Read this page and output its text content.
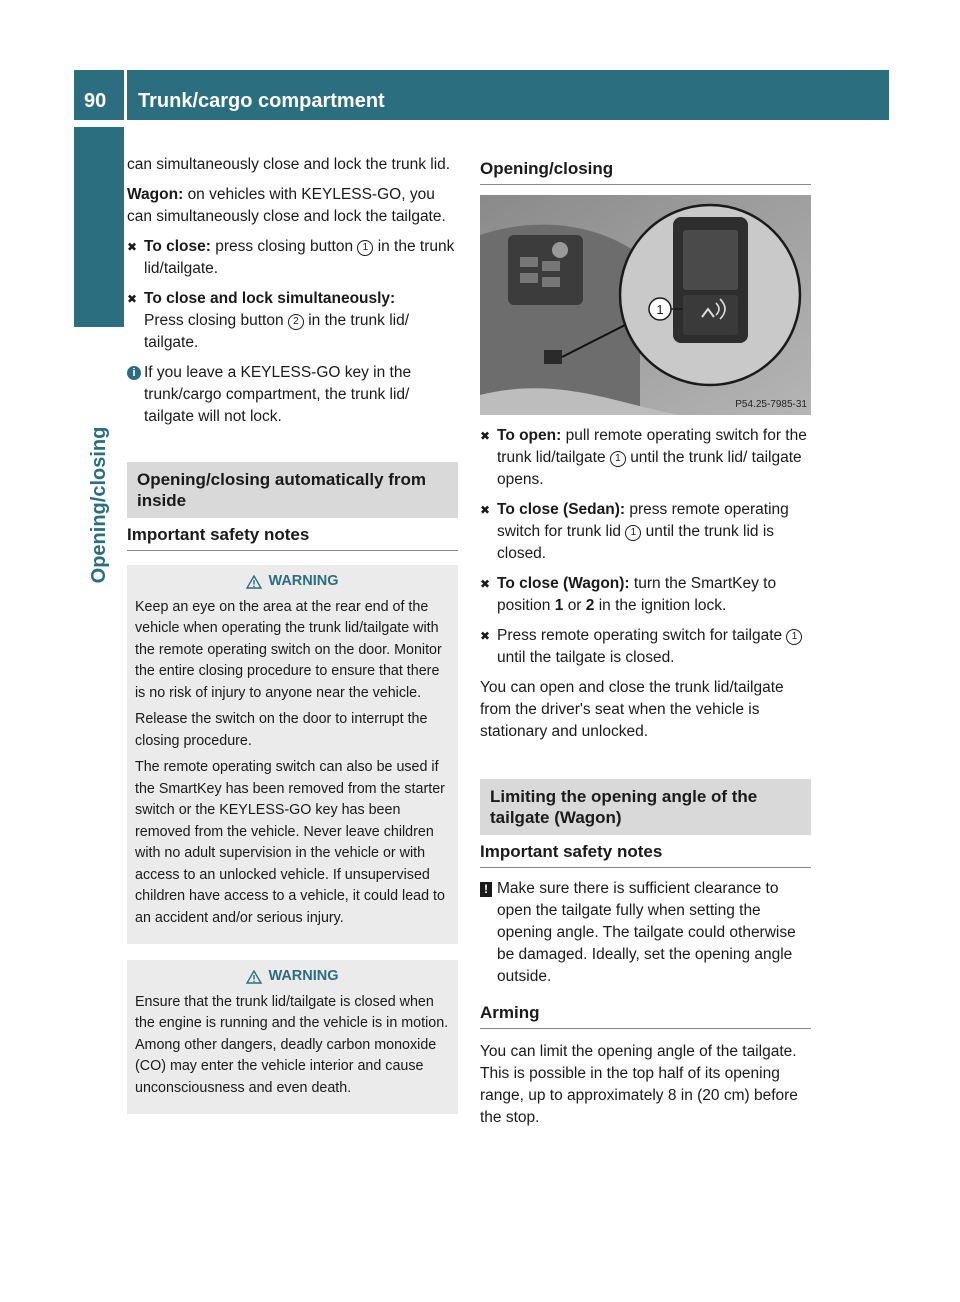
90 Trunk/cargo compartment
Opening/closing

can simultaneously close and lock the trunk lid.

Wagon: on vehicles with KEYLESS-GO, you can simultaneously close and lock the tailgate.

✖ To close: press closing button 1 in the trunk lid/tailgate.
✖ To close and lock simultaneously:
Press closing button 2 in the trunk lid/ tailgate.
i If you leave a KEYLESS-GO key in the trunk/cargo compartment, the trunk lid/ tailgate will not lock.
Opening/closing automatically from inside
Important safety notes
WARNING

Keep an eye on the area at the rear end of the vehicle when operating the trunk lid/tailgate with the remote operating switch on the door. Monitor the entire closing procedure to ensure that there is no risk of injury to anyone near the vehicle.

Release the switch on the door to interrupt the closing procedure.

The remote operating switch can also be used if the SmartKey has been removed from the starter switch or the KEYLESS-GO key has been removed from the vehicle. Never leave children with no adult supervision in the vehicle or with access to an unlocked vehicle. If unsupervised children have access to a vehicle, it could lead to an accident and/or serious injury.

WARNING

Ensure that the trunk lid/tailgate is closed when the engine is running and the vehicle is in motion. Among other dangers, deadly carbon monoxide (CO) may enter the vehicle interior and cause unconsciousness and even death.

Opening/closing
1
P54.25-7985-31
✖ To open: pull remote operating switch for the trunk lid/tailgate 1 until the trunk lid/ tailgate opens.
✖ To close (Sedan): press remote operating switch for trunk lid 1 until the trunk lid is closed.
✖ To close (Wagon): turn the SmartKey to position 1 or 2 in the ignition lock.
✖ Press remote operating switch for tailgate 1 until the tailgate is closed.

You can open and close the trunk lid/tailgate from the driver's seat when the vehicle is stationary and unlocked.

Limiting the opening angle of the tailgate (Wagon)
Important safety notes
! Make sure there is sufficient clearance to open the tailgate fully when setting the opening angle. The tailgate could otherwise be damaged. Ideally, set the opening angle outside.
Arming

You can limit the opening angle of the tailgate. This is possible in the top half of its opening range, up to approximately 8 in (20 cm) before the stop.
